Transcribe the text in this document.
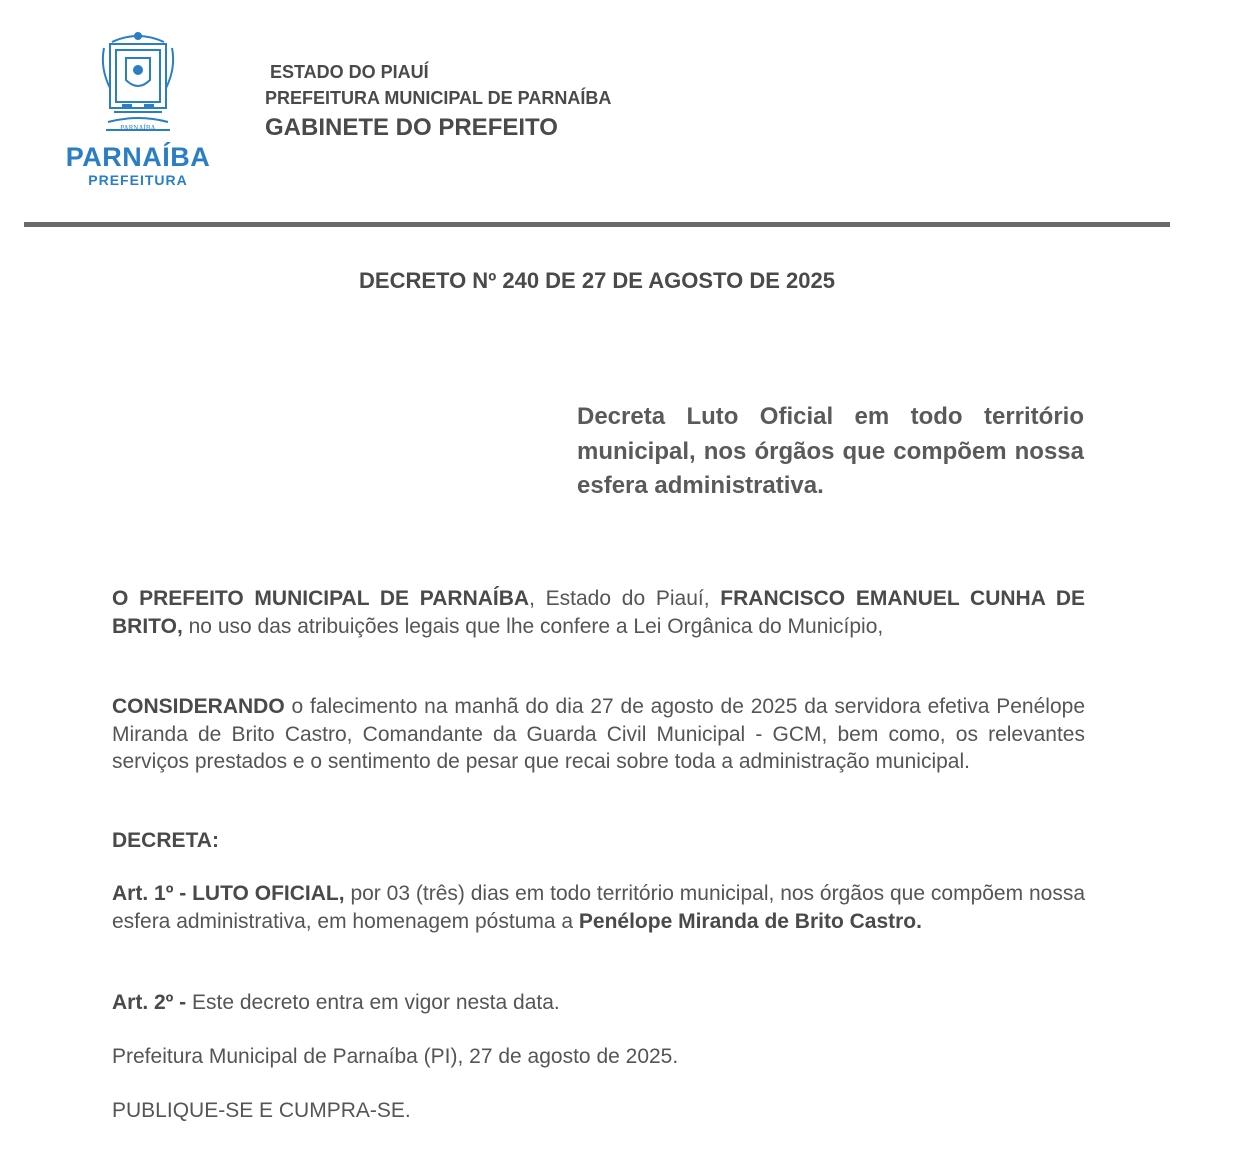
PARNAÍBA
PARNAÍBA
PREFEITURA
ESTADO DO PIAUÍ
PREFEITURA MUNICIPAL DE PARNAÍBA
GABINETE DO PREFEITO
DECRETO Nº 240 DE 27 DE AGOSTO DE 2025
Decreta Luto Oficial em todo território municipal, nos órgãos que compõem nossa esfera administrativa.

O PREFEITO MUNICIPAL DE PARNAÍBA, Estado do Piauí, FRANCISCO EMANUEL CUNHA DE BRITO, no uso das atribuições legais que lhe confere a Lei Orgânica do Município,

CONSIDERANDO o falecimento na manhã do dia 27 de agosto de 2025 da servidora efetiva Penélope Miranda de Brito Castro, Comandante da Guarda Civil Municipal - GCM, bem como, os relevantes serviços prestados e o sentimento de pesar que recai sobre toda a administração municipal.

DECRETA:

Art. 1º - LUTO OFICIAL, por 03 (três) dias em todo território municipal, nos órgãos que compõem nossa esfera administrativa, em homenagem póstuma a Penélope Miranda de Brito Castro.

Art. 2º - Este decreto entra em vigor nesta data.

Prefeitura Municipal de Parnaíba (PI), 27 de agosto de 2025.

PUBLIQUE-SE E CUMPRA-SE.
